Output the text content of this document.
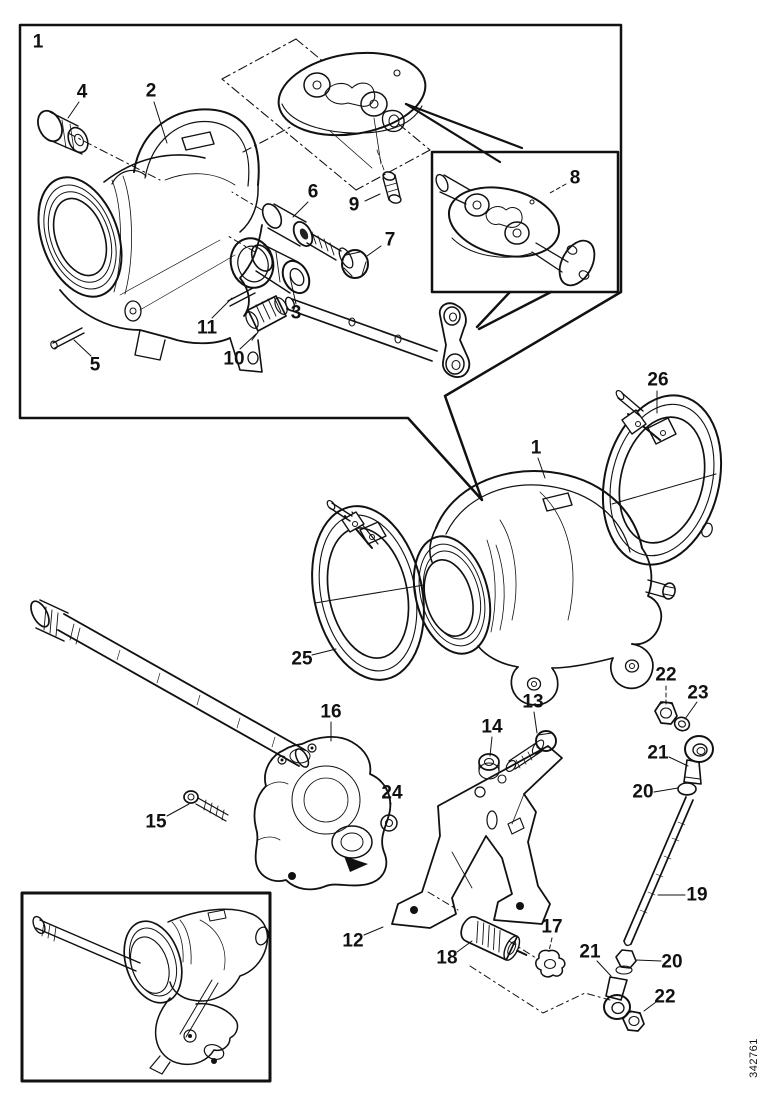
1
4	2
6
9
7
3
11
10
5
8
26
1
25
16	13
14
24
15
12
18
17
22
23
21
20
19
21	20
22
342761
